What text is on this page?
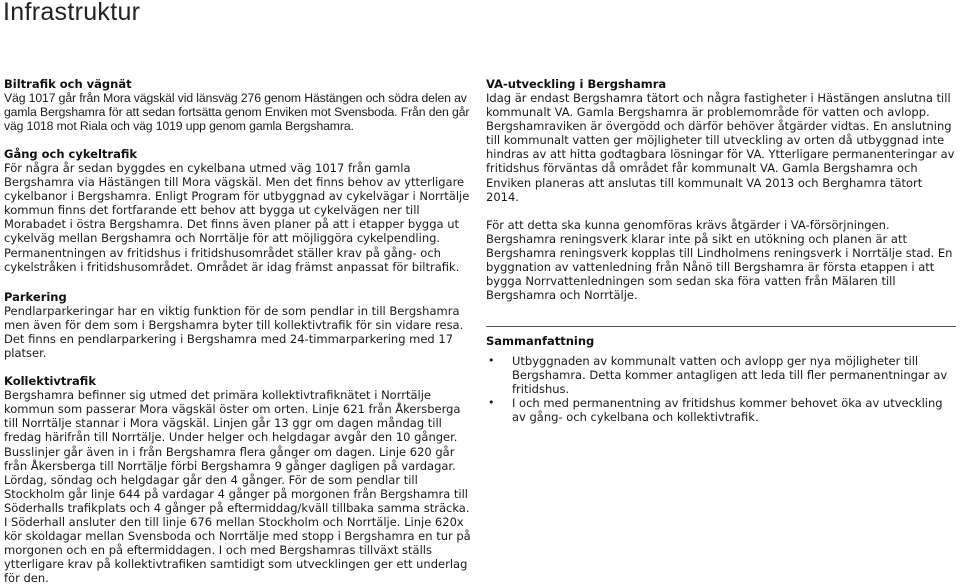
Infrastruktur
Biltrafik och vägnät

Väg 1017 går från Mora vägskäl vid länsväg 276 genom Hästängen och södra delen av gamla Bergshamra för att sedan fortsätta genom Enviken mot Svensboda. Från den går väg 1018 mot Riala och väg 1019 upp genom gamla Bergshamra.

Gång och cykeltrafik

För några år sedan byggdes en cykelbana utmed väg 1017 från gamla Bergshamra via Hästängen till Mora vägskäl. Men det finns behov av ytterligare cykelbanor i Bergshamra. Enligt Program för utbyggnad av cykelvägar i Norrtälje kommun finns det fortfarande ett behov att bygga ut cykelvägen ner till Morabadet i östra Bergshamra. Det finns även planer på att i etapper bygga ut cykelväg mellan Bergshamra och Norrtälje för att möjliggöra cykelpendling. Permanentningen av fritidshus i fritidshusområdet ställer krav på gång- och cykelstråken i fritidshusområdet. Området är idag främst anpassat för biltrafik.

Parkering

Pendlarparkeringar har en viktig funktion för de som pendlar in till Bergshamra men även för dem som i Bergshamra byter till kollektivtrafik för sin vidare resa. Det finns en pendlarparkering i Bergshamra med 24-timmarparkering med 17 platser.

Kollektivtrafik

Bergshamra befinner sig utmed det primära kollektivtrafiknätet i Norrtälje kommun som passerar Mora vägskäl öster om orten. Linje 621 från Åkersberga till Norrtälje stannar i Mora vägskäl. Linjen går 13 ggr om dagen måndag till fredag härifrån till Norrtälje. Under helger och helgdagar avgår den 10 gånger. Busslinjer går även in i från Bergshamra flera gånger om dagen. Linje 620 går från Åkersberga till Norrtälje förbi Bergshamra 9 gånger dagligen på vardagar. Lördag, söndag och helgdagar går den 4 gånger. För de som pendlar till Stockholm går linje 644 på vardagar 4 gånger på morgonen från Bergshamra till Söderhalls trafikplats och 4 gånger på eftermiddag/kväll tillbaka samma sträcka. I Söderhall ansluter den till linje 676 mellan Stockholm och Norrtälje. Linje 620x kör skoldagar mellan Svensboda och Norrtälje med stopp i Bergshamra en tur på morgonen och en på eftermiddagen. I och med Bergshamras tillväxt ställs ytterligare krav på kollektivtrafiken samtidigt som utvecklingen ger ett underlag för den.

VA-utveckling i Bergshamra

Idag är endast Bergshamra tätort och några fastigheter i Hästängen anslutna till kommunalt VA. Gamla Bergshamra är problemområde för vatten och avlopp. Bergshamraviken är övergödd och därför behöver åtgärder vidtas. En anslutning till kommunalt vatten ger möjligheter till utveckling av orten då utbyggnad inte hindras av att hitta godtagbara lösningar för VA. Ytterligare permanenteringar av fritidshus förväntas då området får kommunalt VA. Gamla Bergshamra och Enviken planeras att anslutas till kommunalt VA 2013 och Berghamra tätort 2014.

För att detta ska kunna genomföras krävs åtgärder i VA-försörjningen. Bergshamra reningsverk klarar inte på sikt en utökning och planen är att Bergshamra reningsverk kopplas till Lindholmens reningsverk i Norrtälje stad. En byggnation av vattenledning från Nånö till Bergshamra är första etappen i att bygga Norrvattenledningen som sedan ska föra vatten från Mälaren till Bergshamra och Norrtälje.

Sammanfattning
• Utbyggnaden av kommunalt vatten och avlopp ger nya möjligheter till Bergshamra. Detta kommer antagligen att leda till fler permanentningar av fritidshus.
• I och med permanentning av fritidshus kommer behovet öka av utveckling av gång- och cykelbana och kollektivtrafik.
